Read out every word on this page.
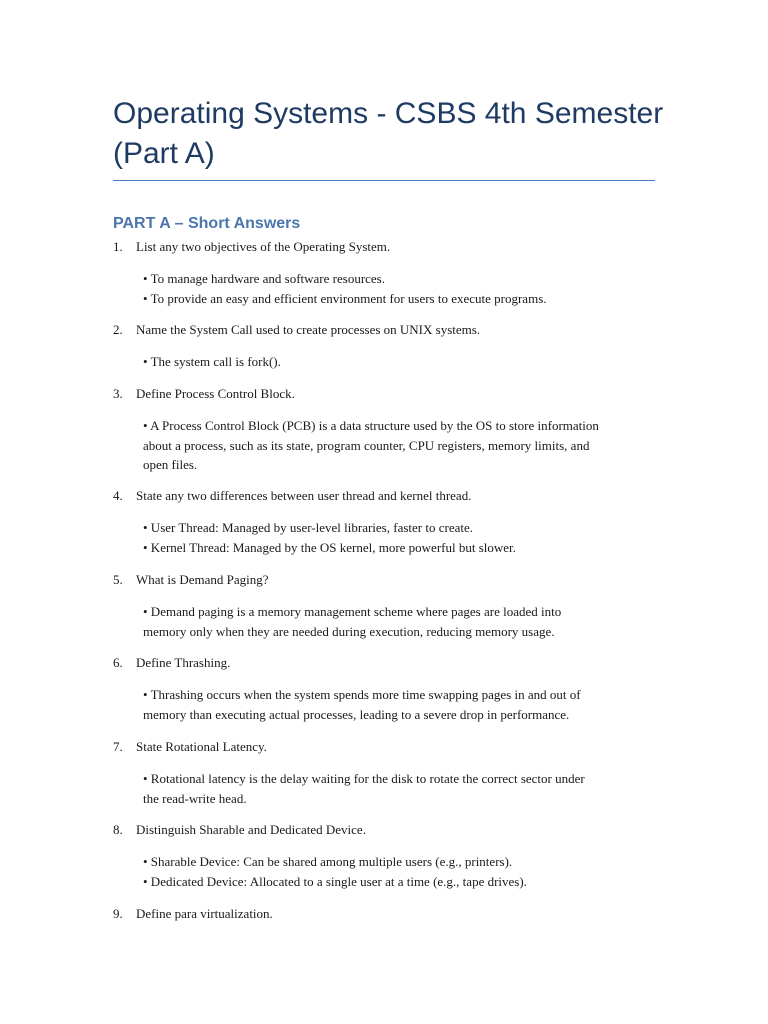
Operating Systems - CSBS 4th Semester (Part A)
PART A – Short Answers
1. List any two objectives of the Operating System.
• To manage hardware and software resources.
• To provide an easy and efficient environment for users to execute programs.
2. Name the System Call used to create processes on UNIX systems.
• The system call is fork().
3. Define Process Control Block.
• A Process Control Block (PCB) is a data structure used by the OS to store information
about a process, such as its state, program counter, CPU registers, memory limits, and
open files.
4. State any two differences between user thread and kernel thread.
• User Thread: Managed by user-level libraries, faster to create.
• Kernel Thread: Managed by the OS kernel, more powerful but slower.
5. What is Demand Paging?
• Demand paging is a memory management scheme where pages are loaded into
memory only when they are needed during execution, reducing memory usage.
6. Define Thrashing.
• Thrashing occurs when the system spends more time swapping pages in and out of
memory than executing actual processes, leading to a severe drop in performance.
7. State Rotational Latency.
• Rotational latency is the delay waiting for the disk to rotate the correct sector under
the read-write head.
8. Distinguish Sharable and Dedicated Device.
• Sharable Device: Can be shared among multiple users (e.g., printers).
• Dedicated Device: Allocated to a single user at a time (e.g., tape drives).
9. Define para virtualization.
